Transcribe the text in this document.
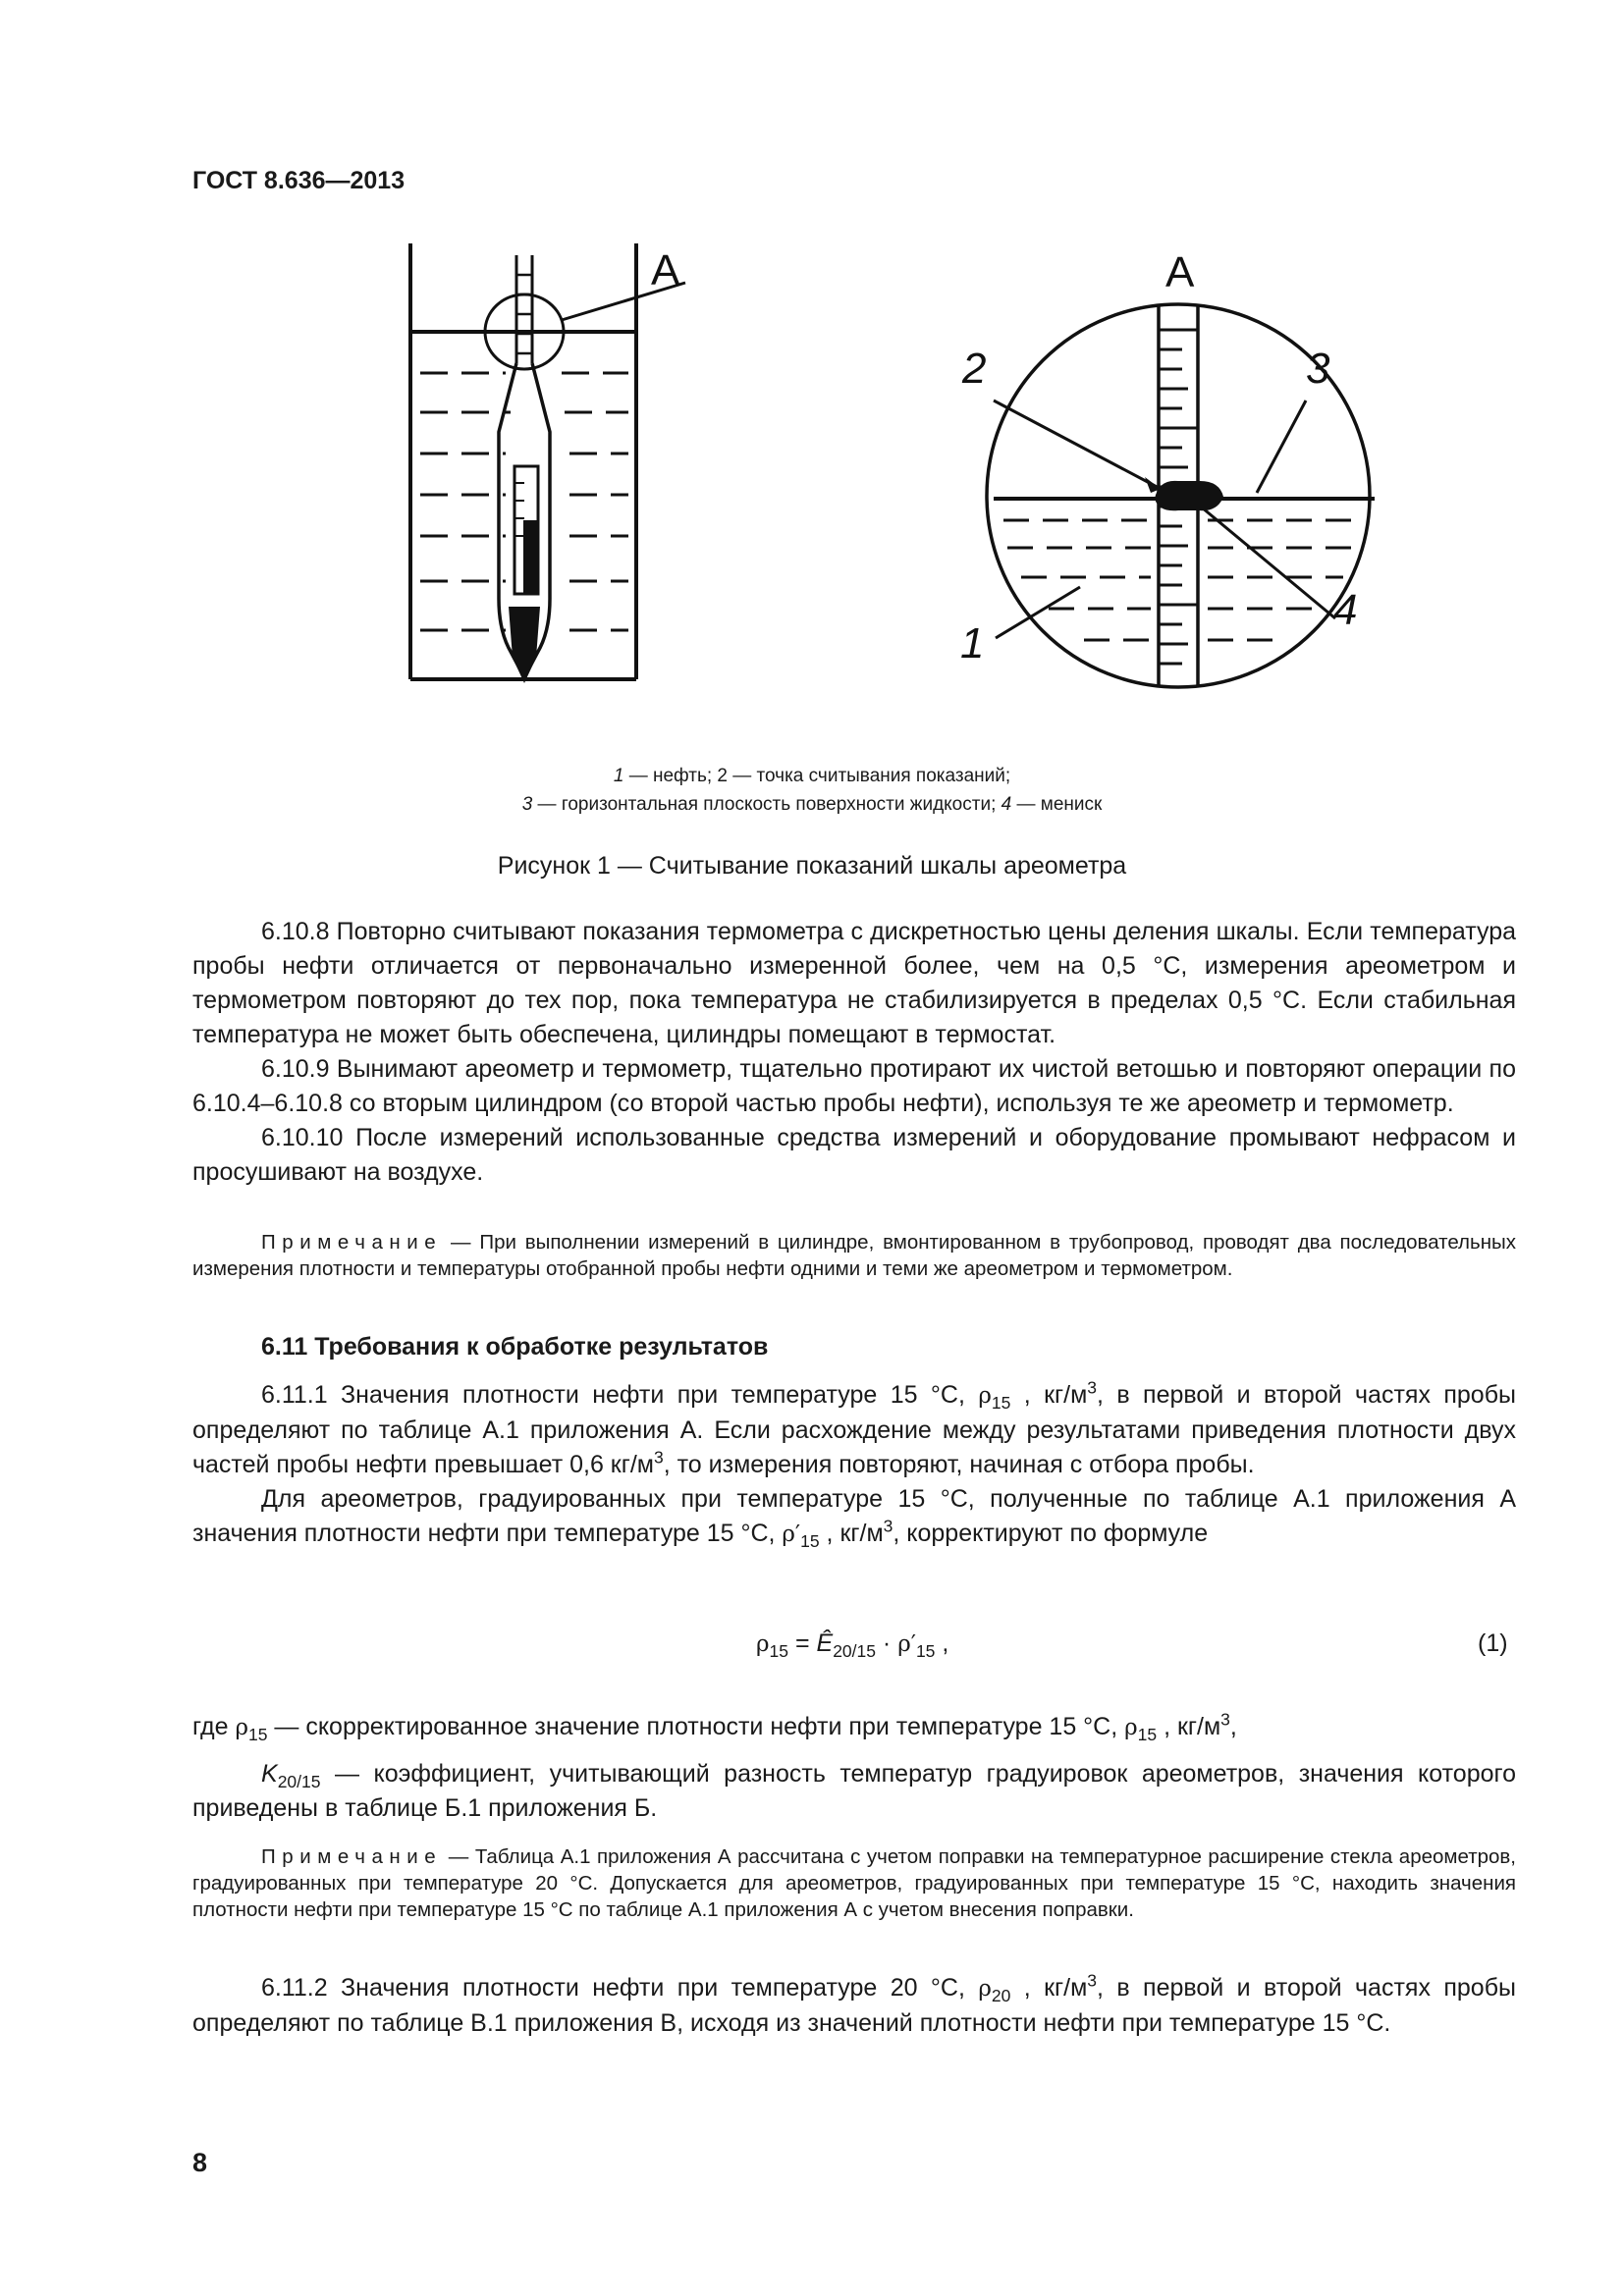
ГОСТ 8.636—2013
А	А
2	3
1
4
1 — нефть; 2 — точка считывания показаний;
3 — горизонтальная плоскость поверхности жидкости; 4 — мениск
Рисунок 1 — Считывание показаний шкалы ареометра

6.10.8 Повторно считывают показания термометра с дискретностью цены деления шкалы. Если температура пробы нефти отличается от первоначально измеренной более, чем на 0,5 °С, измерения ареометром и термометром повторяют до тех пор, пока температура не стабилизируется в пределах 0,5 °С. Если стабильная температура не может быть обеспечена, цилиндры помещают в термостат.

6.10.9 Вынимают ареометр и термометр, тщательно протирают их чистой ветошью и повторяют операции по 6.10.4–6.10.8 со вторым цилиндром (со второй частью пробы нефти), используя те же ареометр и термометр.

6.10.10 После измерений использованные средства измерений и оборудование промывают нефрасом и просушивают на воздухе.

Примечание — При выполнении измерений в цилиндре, вмонтированном в трубопровод, проводят два последовательных измерения плотности и температуры отобранной пробы нефти одними и теми же ареометром и термометром.

6.11 Требования к обработке результатов

6.11.1 Значения плотности нефти при температуре 15 °С, $\rho_{15}$ , $кг/м^3$, в первой и второй частях пробы определяют по таблице А.1 приложения А. Если расхождение между результатами приведения плотности двух частей пробы нефти превышает 0,6 $кг/м^3$, то измерения повторяют, начиная с отбора пробы.

Для ареометров, градуированных при температуре 15 °С, полученные по таблице А.1 приложения А значения плотности нефти при температуре 15 °С, $\rho'_{15}$ , $кг/м^3$, корректируют по формуле

$\rho_{15}$ = $Ê_{20/15} \cdot \rho'_{15}$ ,	(1)
где $\rho_{15}$ — скорректированное значение плотности нефти при температуре 15 °С, $\rho_{15}$ , $кг/м^3$,

$K_{20/15}$ — коэффициент, учитывающий разность температур градуировок ареометров, значения которого приведены в таблице Б.1 приложения Б.

Примечание — Таблица А.1 приложения А рассчитана с учетом поправки на температурное расширение стекла ареометров, градуированных при температуре 20 °С. Допускается для ареометров, градуированных при температуре 15 °С, находить значения плотности нефти при температуре 15 °С по таблице А.1 приложения А с учетом внесения поправки.

6.11.2 Значения плотности нефти при температуре 20 °С, $\rho_{20}$ , $кг/м^3$, в первой и второй частях пробы определяют по таблице В.1 приложения В, исходя из значений плотности нефти при температуре 15 °С.

8
